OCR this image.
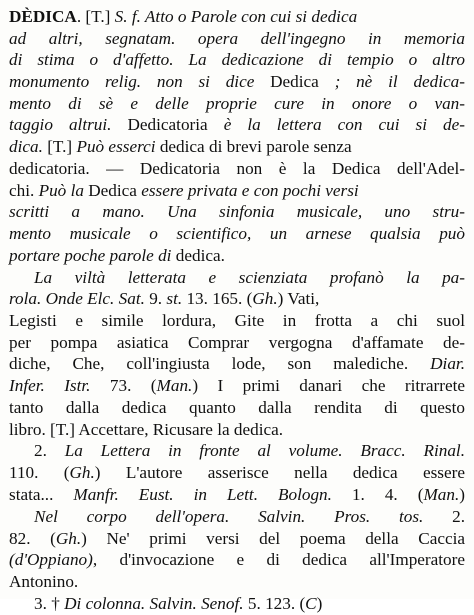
DÈDICA. [T.] S. f. Atto o Parole con cui si dedica
ad altri, segnatam. opera dell'ingegno in memoria
di stima o d'affetto. La dedicazione di tempio o altro
monumento relig. non si dice Dedica ; nè il dedica-
mento di sè e delle proprie cure in onore o van-
taggio altrui. Dedicatoria è la lettera con cui si de-
dica. [T.] Può esserci dedica di brevi parole senza
dedicatoria. — Dedicatoria non è la Dedica dell'Adel-
chi. Può la Dedica essere privata e con pochi versi
scritti a mano. Una sinfonia musicale, uno stru-
mento musicale o scientifico, un arnese qualsia può
portare poche parole di dedica.
La viltà letterata e scienziata profanò la pa-
rola. Onde Elc. Sat. 9. st. 13. 165. (Gh.) Vati,
Legisti e simile lordura, Gite in frotta a chi suol
per pompa asiatica Comprar vergogna d'affamate de-
diche, Che, coll'ingiusta lode, son malediche. Diar.
Infer. Istr. 73. (Man.) I primi danari che ritrarrete
tanto dalla dedica quanto dalla rendita di questo
libro. [T.] Accettare, Ricusare la dedica.
2. La Lettera in fronte al volume. Bracc. Rinal.
110. (Gh.) L'autore asserisce nella dedica essere
stata... Manfr. Eust. in Lett. Bologn. 1. 4. (Man.)
Nel corpo dell'opera. Salvin. Pros. tos. 2.
82. (Gh.) Ne' primi versi del poema della Caccia
(d'Oppiano), d'invocazione e di dedica all'Imperatore
Antonino.
3. † Di colonna. Salvin. Senof. 5. 123. (C)
